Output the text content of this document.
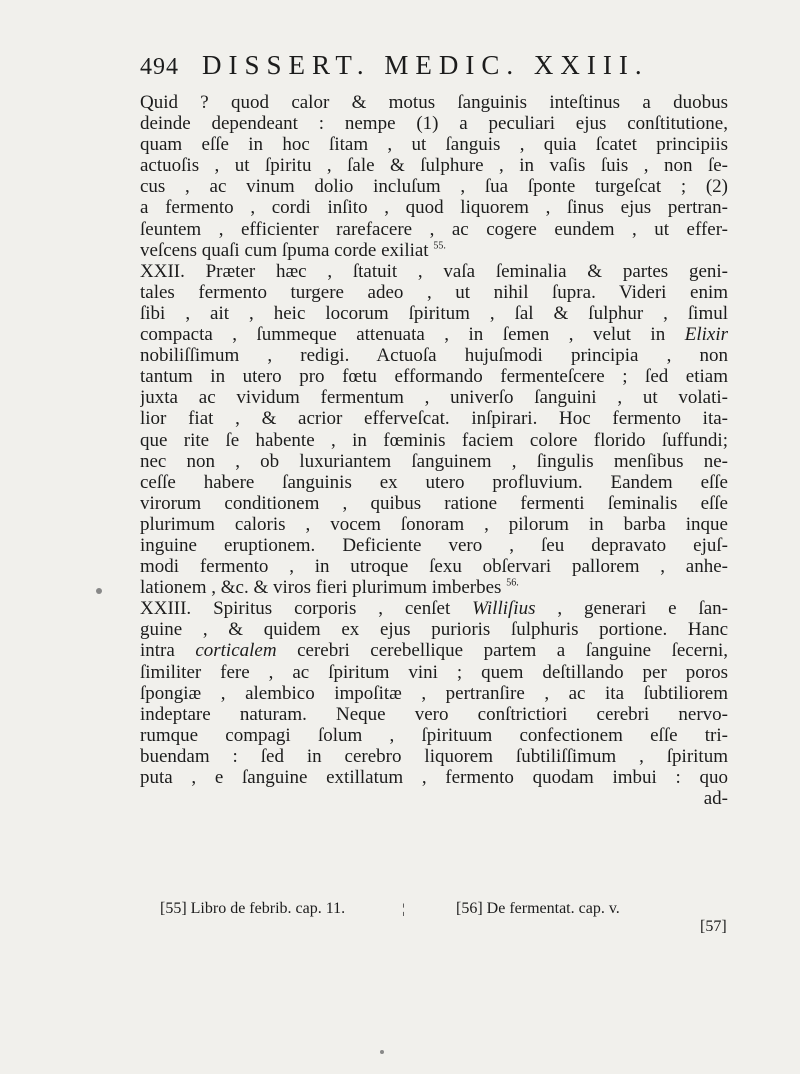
494 DISSERT. MEDIC. XXIII.
Quid ? quod calor & motus ſanguinis inteſtinus a duobus
deinde dependeant : nempe (1) a peculiari ejus conſtitutione,
quam eſſe in hoc ſitam , ut ſanguis , quia ſcatet principiis
actuoſis , ut ſpiritu , ſale & ſulphure , in vaſis ſuis , non ſe-
cus , ac vinum dolio incluſum , ſua ſponte turgeſcat ; (2)
a fermento , cordi inſito , quod liquorem , ſinus ejus pertran-
ſeuntem , efficienter rarefacere , ac cogere eundem , ut effer-
veſcens quaſi cum ſpuma corde exiliat $^{55.}$
XXII. Præter hæc , ſtatuit , vaſa ſeminalia & partes geni-
tales fermento turgere adeo , ut nihil ſupra. Videri enim
ſibi , ait , heic locorum ſpiritum , ſal & ſulphur , ſimul
compacta , ſummeque attenuata , in ſemen , velut in Elixir
nobiliſſimum , redigi. Actuoſa hujuſmodi principia , non
tantum in utero pro fœtu efformando fermenteſcere ; ſed etiam
juxta ac vividum fermentum , univerſo ſanguini , ut volati-
lior fiat , & acrior efferveſcat. inſpirari. Hoc fermento ita-
que rite ſe habente , in fœminis faciem colore florido ſuffundi;
nec non , ob luxuriantem ſanguinem , ſingulis menſibus ne-
ceſſe habere ſanguinis ex utero profluvium. Eandem eſſe
virorum conditionem , quibus ratione fermenti ſeminalis eſſe
plurimum caloris , vocem ſonoram , pilorum in barba inque
inguine eruptionem. Deficiente vero , ſeu depravato ejuſ-
modi fermento , in utroque ſexu obſervari pallorem , anhe-
lationem , &c. & viros fieri plurimum imberbes $^{56.}$
XXIII. Spiritus corporis , cenſet Williſius , generari e ſan-
guine , & quidem ex ejus purioris ſulphuris portione. Hanc
intra corticalem cerebri cerebellique partem a ſanguine ſecerni,
ſimiliter fere , ac ſpiritum vini ; quem deſtillando per poros
ſpongiæ , alembico impoſitæ , pertranſire , ac ita ſubtiliorem
indeptare naturam. Neque vero conſtrictiori cerebri nervo-
rumque compagi ſolum , ſpirituum confectionem eſſe tri-
buendam : ſed in cerebro liquorem ſubtiliſſimum , ſpiritum
puta , e ſanguine extillatum , fermento quodam imbui : quo
ad-
[55] Libro de febrib. cap. 11.	¦	[56] De fermentat. cap. v.
[57]
